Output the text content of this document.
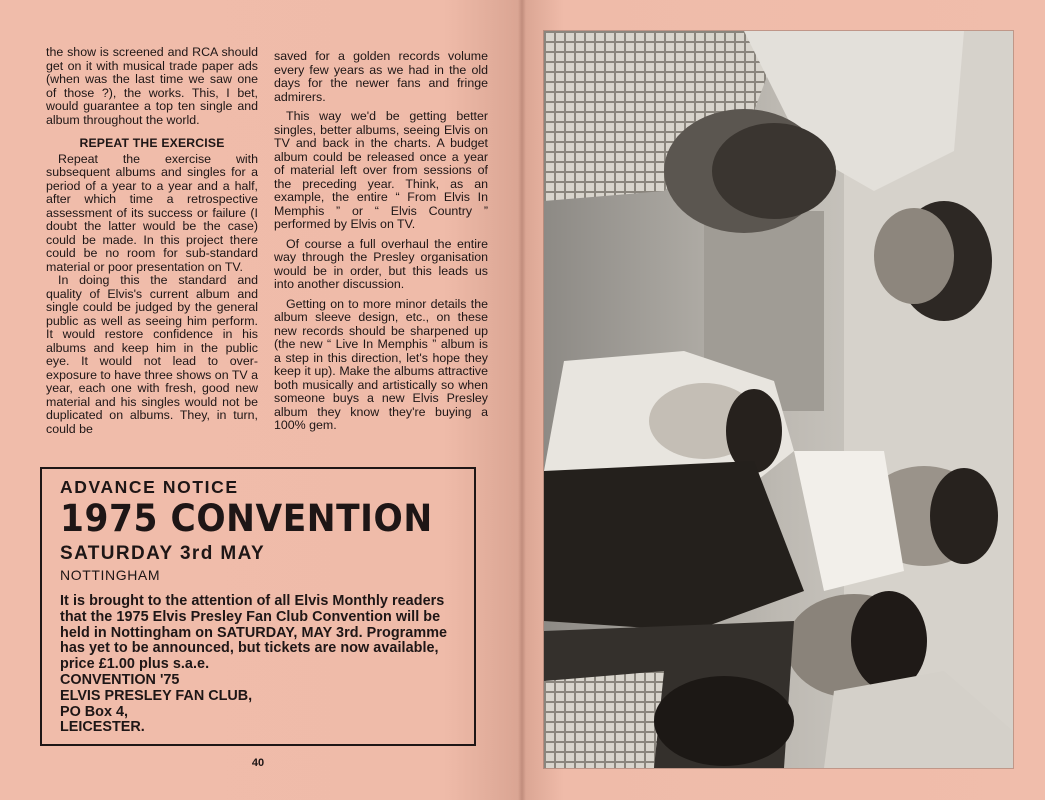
the show is screened and RCA should get on it with musical trade paper ads (when was the last time we saw one of those ?), the works. This, I bet, would guarantee a top ten single and album throughout the world.

REPEAT THE EXERCISE

Repeat the exercise with subsequent albums and singles for a period of a year to a year and a half, after which time a retrospective assessment of its success or failure (I doubt the latter would be the case) could be made. In this project there could be no room for sub-standard material or poor presentation on TV.

In doing this the standard and quality of Elvis's current album and single could be judged by the general public as well as seeing him perform. It would restore confidence in his albums and keep him in the public eye. It would not lead to over-exposure to have three shows on TV a year, each one with fresh, good new material and his singles would not be duplicated on albums. They, in turn, could be

saved for a golden records volume every few years as we had in the old days for the newer fans and fringe admirers.

This way we'd be getting better singles, better albums, seeing Elvis on TV and back in the charts. A budget album could be released once a year of material left over from sessions of the preceding year. Think, as an example, the entire “ From Elvis In Memphis ” or “ Elvis Country ” performed by Elvis on TV.

Of course a full overhaul the entire way through the Presley organisation would be in order, but this leads us into another discussion.

Getting on to more minor details the album sleeve design, etc., on these new records should be sharpened up (the new “ Live In Memphis ” album is a step in this direction, let's hope they keep it up). Make the albums attractive both musically and artistically so when someone buys a new Elvis Presley album they know they're buying a 100% gem.

ADVANCE NOTICE
1975 CONVENTION
SATURDAY 3rd MAY
NOTTINGHAM
It is brought to the attention of all Elvis Monthly readers that the 1975 Elvis Presley Fan Club Convention will be held in Nottingham on SATURDAY, MAY 3rd. Programme has yet to be announced, but tickets are now available, price £1.00 plus s.a.e.
CONVENTION '75
ELVIS PRESLEY FAN CLUB,
PO Box 4,
LEICESTER.
40
